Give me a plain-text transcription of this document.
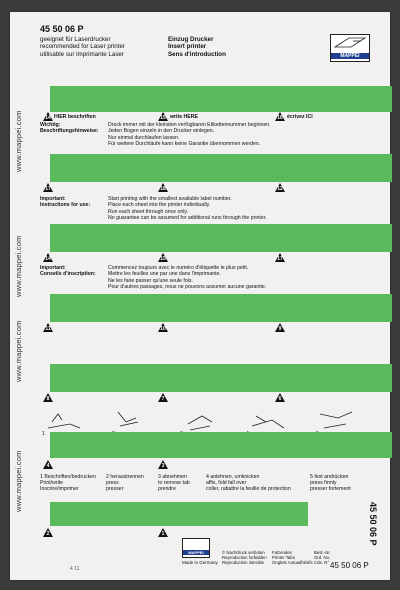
www.mappei.com
www.mappei.com
www.mappei.com
www.mappei.com
45 50 06 P
geeignet für Laserdrucker
recommended for Laser printer
utilisable sur imprimante Laser
Einzug Drucker
Insert printer
Sens d'introduction	MAPPEI
14	15	16
HIER beschriften	write HERE	écrivez ICI
Wichtig:
Beschriftungshinweise:
Druck immer mit der kleinsten verfügbaren Etikettennummer beginnen.
Jeden Bogen einzeln in den Drucker einlegen.
Nur einmal durchlaufen lassen.
Für weitere Durchläufe kann keine Garantie übernommen werden.
17	18	12
Important:
Instructions for use:
Start printing with the smallest available label number.
Place each sheet into the printer individually.
Run each sheet through once only.
No guarantee can be assumed for additional runs through the printer.
14	15	17
Important:
Conseils d'inscription:
Commencez toujours avec le numéro d'étiquette le plus petit.
Mettre les feuilles une par une dans l'imprimante.
Ne les faire passer qu'une seule fois.
Pour d'autres passages, nous ne pouvons assumer aucune garantie.
11	10	9
8	7	6
1
4	3
1 Beschriften/bedrucken
Print/write
Inscrire/imprimer
2 heraustrennen
press
presser
3 abnehmen
to remove tab
prendre
4 anlehnen, umknicken
affix, fold fall over
coller, rabattre la feuille de protection
5 fest andrücken
press firmly
presser fortement
2	1	45 50 06 P
4 11
MAPPEI
Made in Germany
© Nachdruck verboten
Reproduction forbidden
Reproduction interdite
Falzendes
Printer Tabs
Onglets Autoadhésifs
Best.-Nr.
Ord. No.
Cde. N° 45 50 06 P
